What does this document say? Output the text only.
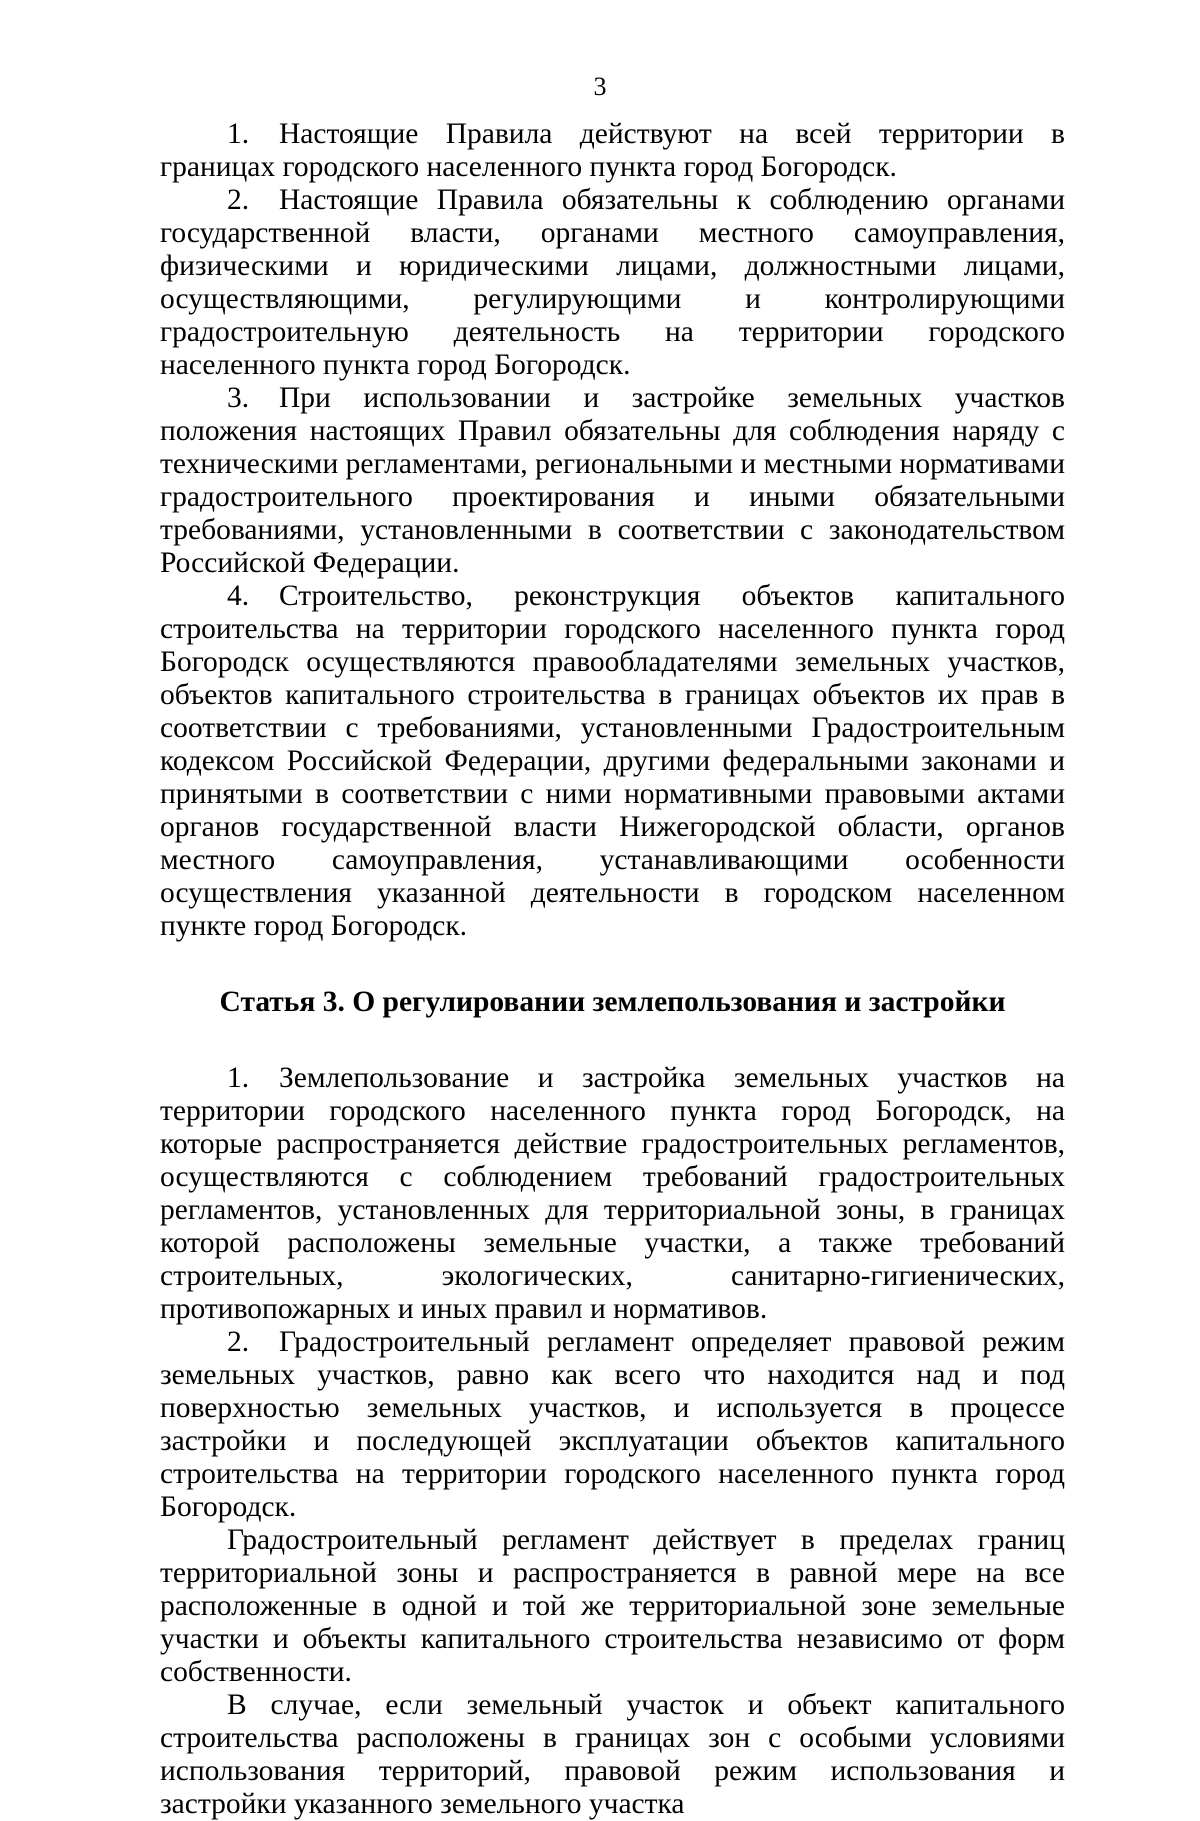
3

1. Настоящие Правила действуют на всей территории в границах городского населенного пункта город Богородск.

2. Настоящие Правила обязательны к соблюдению органами государственной власти, органами местного самоуправления, физическими и юридическими лицами, должностными лицами, осуществляющими, регулирующими и контролирующими градостроительную деятельность на территории городского населенного пункта город Богородск.

3. При использовании и застройке земельных участков положения настоящих Правил обязательны для соблюдения наряду с техническими регламентами, региональными и местными нормативами градостроительного проектирования и иными обязательными требованиями, установленными в соответствии с законодательством Российской Федерации.

4. Строительство, реконструкция объектов капитального строительства на территории городского населенного пункта город Богородск осуществляются правообладателями земельных участков, объектов капитального строительства в границах объектов их прав в соответствии с требованиями, установленными Градостроительным кодексом Российской Федерации, другими федеральными законами и принятыми в соответствии с ними нормативными правовыми актами органов государственной власти Нижегородской области, органов местного самоуправления, устанавливающими особенности осуществления указанной деятельности в городском населенном пункте город Богородск.

Статья 3. О регулировании землепользования и застройки

1. Землепользование и застройка земельных участков на территории городского населенного пункта город Богородск, на которые распространяется действие градостроительных регламентов, осуществляются с соблюдением требований градостроительных регламентов, установленных для территориальной зоны, в границах которой расположены земельные участки, а также требований строительных, экологических, санитарно-гигиенических, противопожарных и иных правил и нормативов.

2. Градостроительный регламент определяет правовой режим земельных участков, равно как всего что находится над и под поверхностью земельных участков, и используется в процессе застройки и последующей эксплуатации объектов капитального строительства на территории городского населенного пункта город Богородск.

Градостроительный регламент действует в пределах границ территориальной зоны и распространяется в равной мере на все расположенные в одной и той же территориальной зоне земельные участки и объекты капитального строительства независимо от форм собственности.

В случае, если земельный участок и объект капитального строительства расположены в границах зон с особыми условиями использования территорий, правовой режим использования и застройки указанного земельного участка
